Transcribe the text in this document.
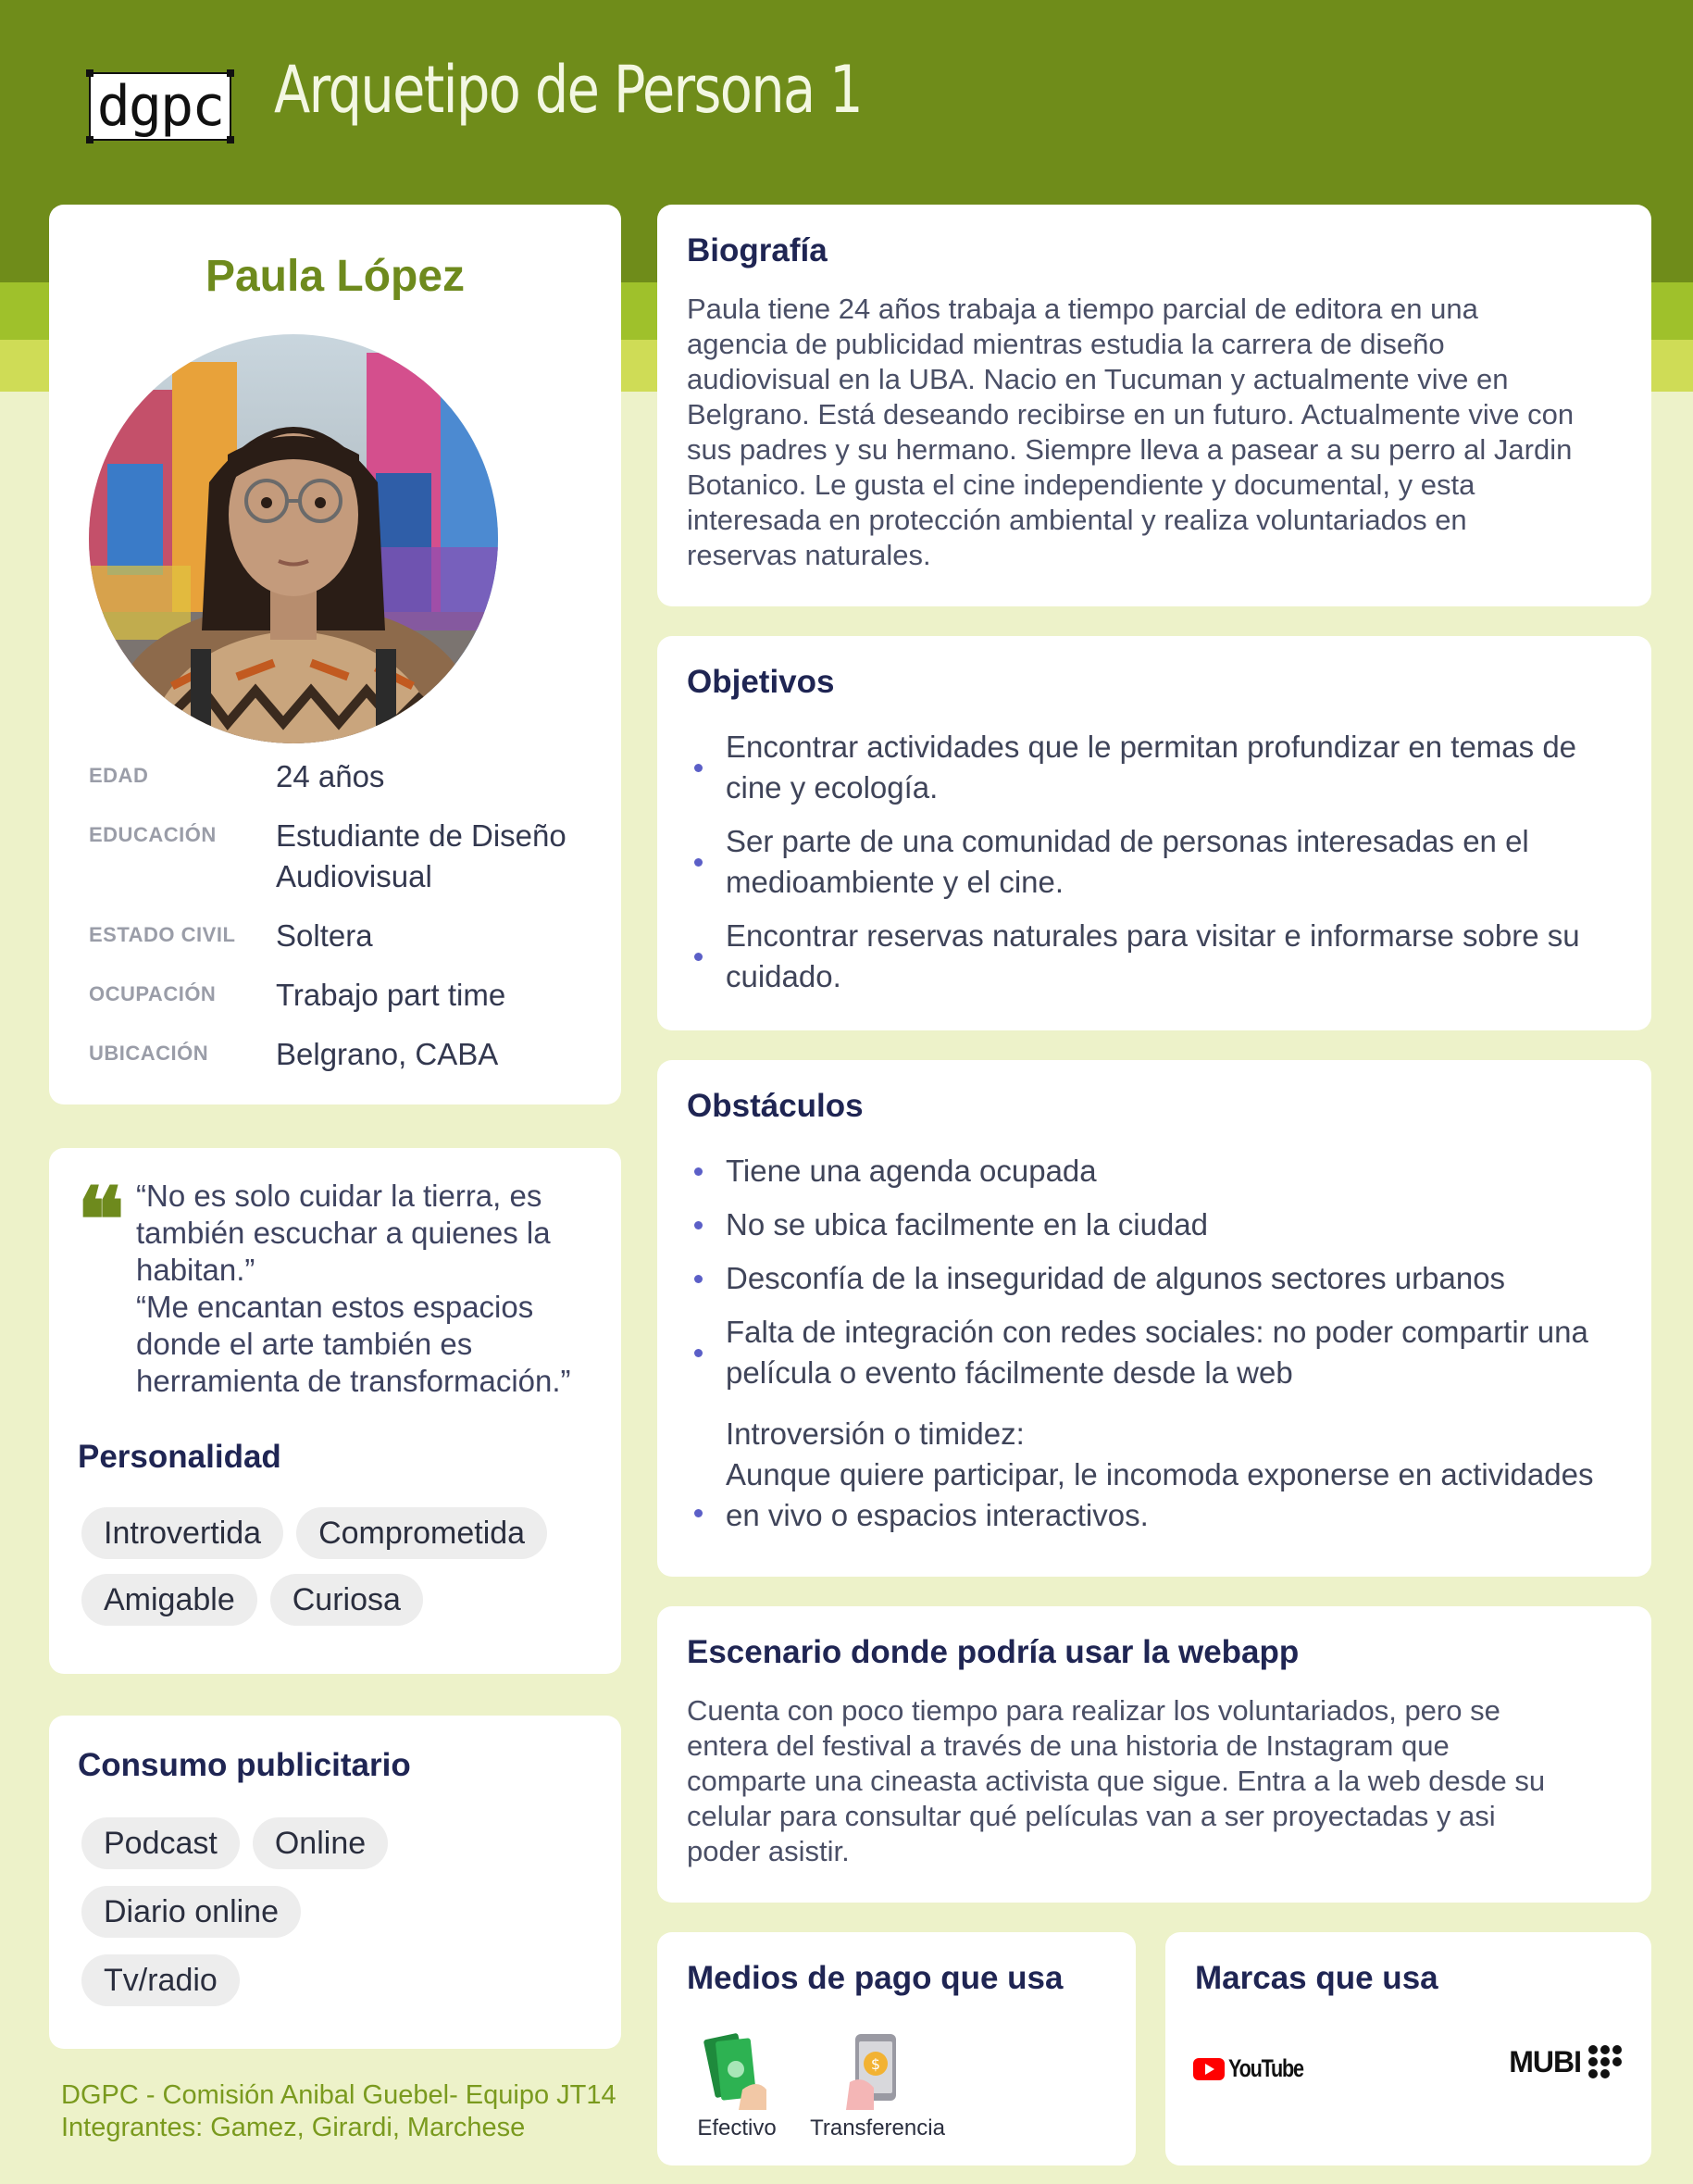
dgpc Arquetipo de Persona 1
Paula López
EDAD	24 años
EDUCACIÓN	Estudiante de Diseño Audiovisual
ESTADO CIVIL	Soltera
OCUPACIÓN	Trabajo part time
UBICACIÓN	Belgrano, CABA
❝ “No es solo cuidar la tierra, es también escuchar a quienes la habitan.”
“Me encantan estos espacios donde el arte también es herramienta de transformación.”
Personalidad
Introvertida	Comprometida
Amigable	Curiosa
Consumo publicitario
Podcast	Online
Diario online
Tv/radio
Biografía
Paula tiene 24 años trabaja a tiempo parcial de editora en una agencia de publicidad mientras estudia la carrera de diseño audiovisual en la UBA. Nacio en Tucuman y actualmente vive en Belgrano. Está deseando recibirse en un futuro. Actualmente vive con sus padres y su hermano. Siempre lleva a pasear a su perro al Jardin Botanico. Le gusta el cine independiente y documental, y esta interesada en protección ambiental y realiza voluntariados en reservas naturales.
Objetivos
Encontrar actividades que le permitan profundizar en temas de cine y ecología.
Ser parte de una comunidad de personas interesadas en el medioambiente y el cine.
Encontrar reservas naturales para visitar e informarse sobre su cuidado.
Obstáculos
Tiene una agenda ocupada
No se ubica facilmente en la ciudad
Desconfía de la inseguridad de algunos sectores urbanos
Falta de integración con redes sociales: no poder compartir una película o evento fácilmente desde la web
Introversión o timidez:
Aunque quiere participar, le incomoda exponerse en actividades en vivo o espacios interactivos.
Escenario donde podría usar la webapp
Cuenta con poco tiempo para realizar los voluntariados, pero se entera del festival a través de una historia de Instagram que comparte una cineasta activista que sigue. Entra a la web desde su celular para consultar qué películas van a ser proyectadas y asi poder asistir.
Medios de pago que usa
Efectivo
$
Transferencia
Marcas que usa
YouTube	MUBI
DGPC - Comisión Anibal Guebel- Equipo JT14
Integrantes: Gamez, Girardi, Marchese
